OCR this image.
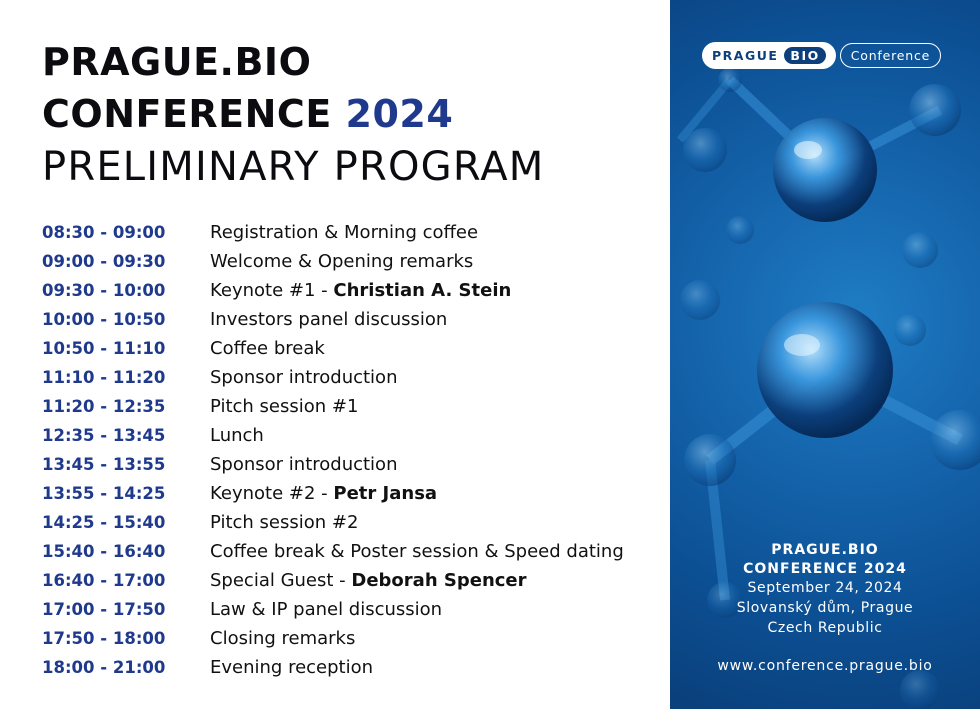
PRAGUE.BIO
CONFERENCE 2024
PRELIMINARY PROGRAM
08:30 - 09:00	Registration & Morning coffee
09:00 - 09:30	Welcome & Opening remarks
09:30 - 10:00	Keynote #1 - Christian A. Stein
10:00 - 10:50	Investors panel discussion
10:50 - 11:10	Coffee break
11:10 - 11:20	Sponsor introduction
11:20 - 12:35	Pitch session #1
12:35 - 13:45	Lunch
13:45 - 13:55	Sponsor introduction
13:55 - 14:25	Keynote #2 - Petr Jansa
14:25 - 15:40	Pitch session #2
15:40 - 16:40	Coffee break & Poster session & Speed dating
16:40 - 17:00	Special Guest - Deborah Spencer
17:00 - 17:50	Law & IP panel discussion
17:50 - 18:00	Closing remarks
18:00 - 21:00	Evening reception
PRAGUE BIO	Conference
PRAGUE.BIO
CONFERENCE 2024
September 24, 2024
Slovanský dům, Prague
Czech Republic
www.conference.prague.bio
